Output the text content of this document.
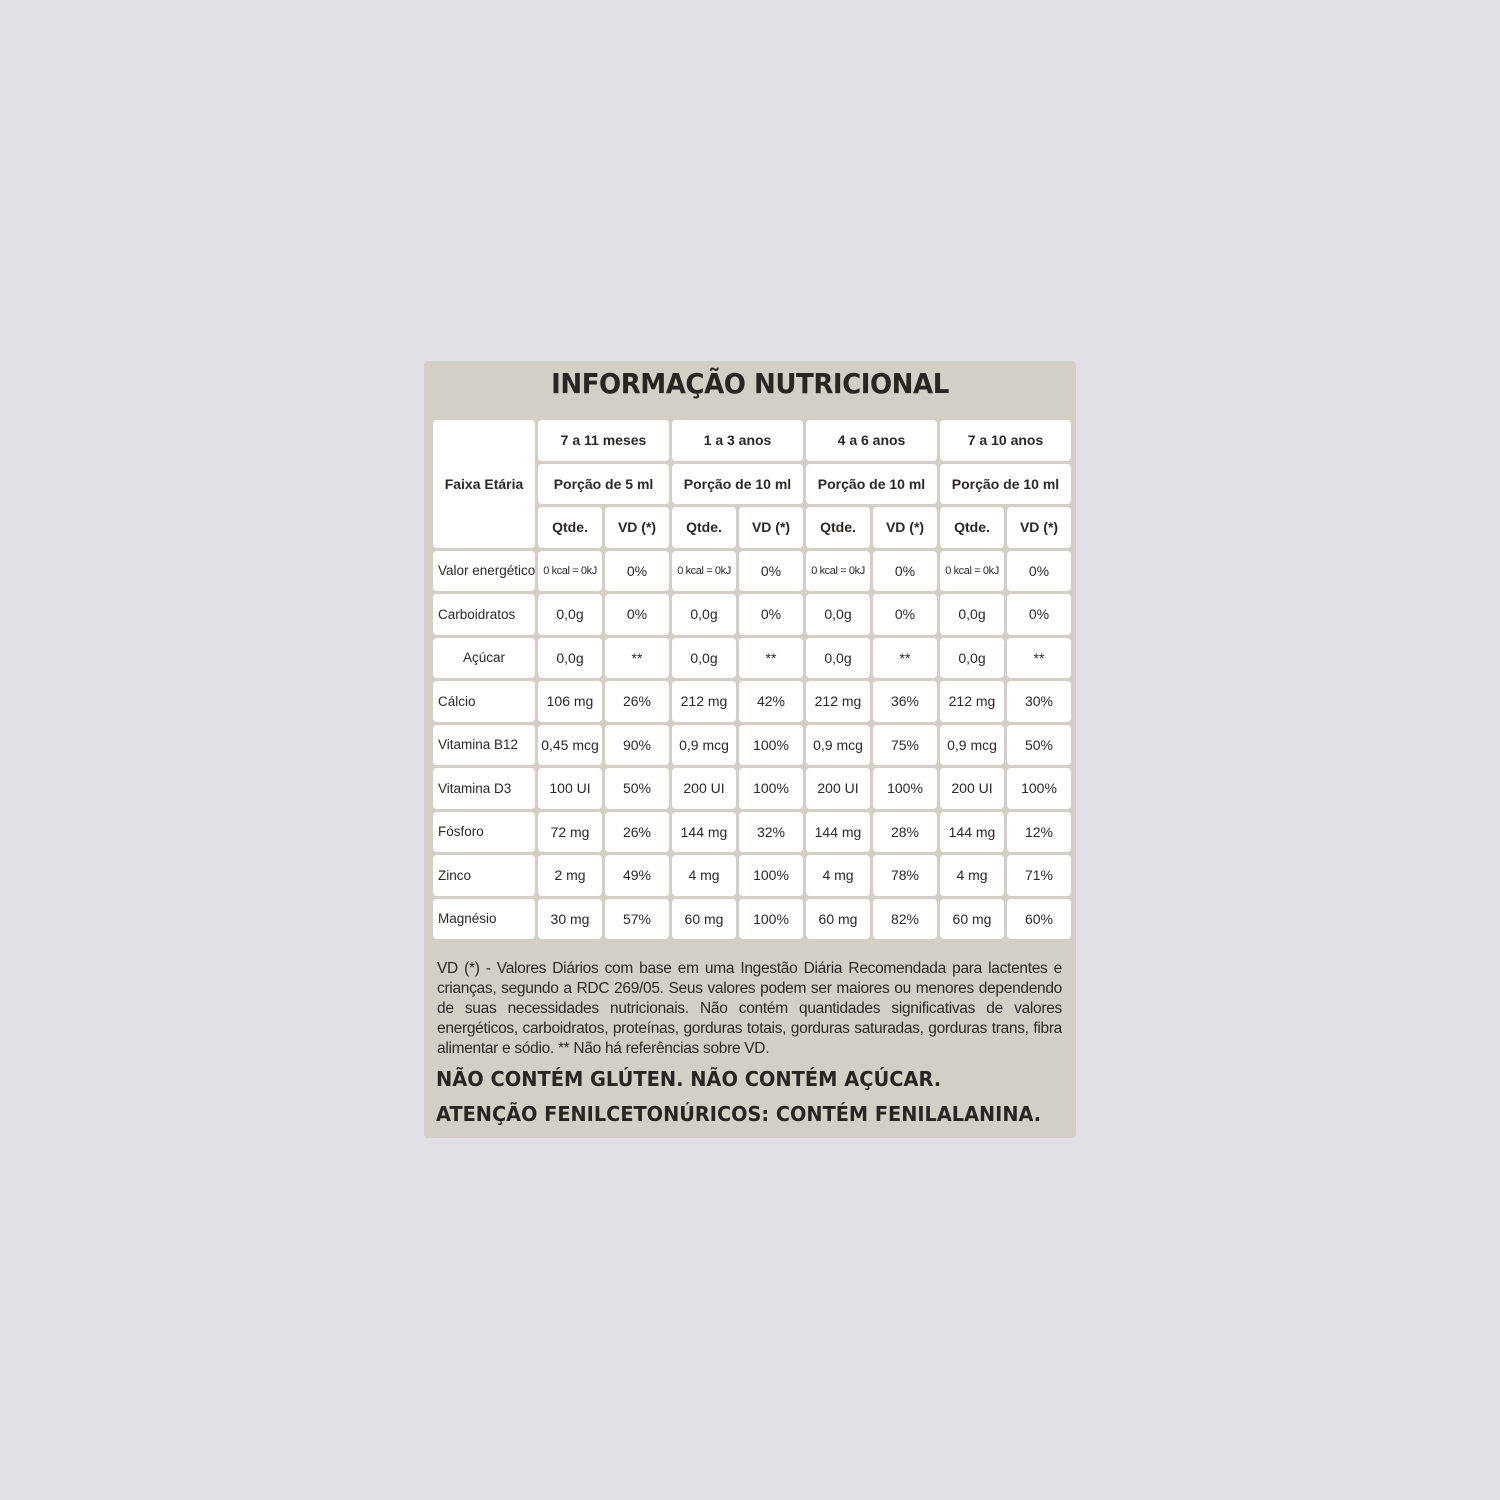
INFORMAÇÃO NUTRICIONAL
Faixa Etária
7 a 11 meses	1 a 3 anos	4 a 6 anos	7 a 10 anos
Porção de 5 ml	Porção de 10 ml	Porção de 10 ml	Porção de 10 ml
Qtde.	VD (*)	Qtde.	VD (*)	Qtde.	VD (*)	Qtde.	VD (*)
Valor energético 0 kcal = 0kJ	0%	0 kcal = 0kJ	0%	0 kcal = 0kJ	0%	0 kcal = 0kJ	0%
Carboidratos	0,0g	0%	0,0g	0%	0,0g	0%	0,0g	0%
Açúcar	0,0g	**	0,0g	**	0,0g	**	0,0g	**
Cálcio	106 mg	26%	212 mg	42%	212 mg	36%	212 mg	30%
Vitamina B12	0,45 mcg	90%	0,9 mcg	100%	0,9 mcg	75%	0,9 mcg	50%
Vitamina D3	100 UI	50%	200 UI	100%	200 UI	100%	200 UI	100%
Fósforo	72 mg	26%	144 mg	32%	144 mg	28%	144 mg	12%
Zinco	2 mg	49%	4 mg	100%	4 mg	78%	4 mg	71%
Magnésio	30 mg	57%	60 mg	100%	60 mg	82%	60 mg	60%
VD (*) - Valores Diários com base em uma Ingestão Diária Recomendada para lactentes e crianças, segundo a RDC 269/05. Seus valores podem ser maiores ou menores dependendo de suas necessidades nutricionais. Não contém quantidades significativas de valores energéticos, carboidratos, proteínas, gorduras totais, gorduras saturadas, gorduras trans, fibra alimentar e sódio. ** Não há referências sobre VD.
NÃO CONTÉM GLÚTEN. NÃO CONTÉM AÇÚCAR.
ATENÇÃO FENILCETONÚRICOS: CONTÉM FENILALANINA.
